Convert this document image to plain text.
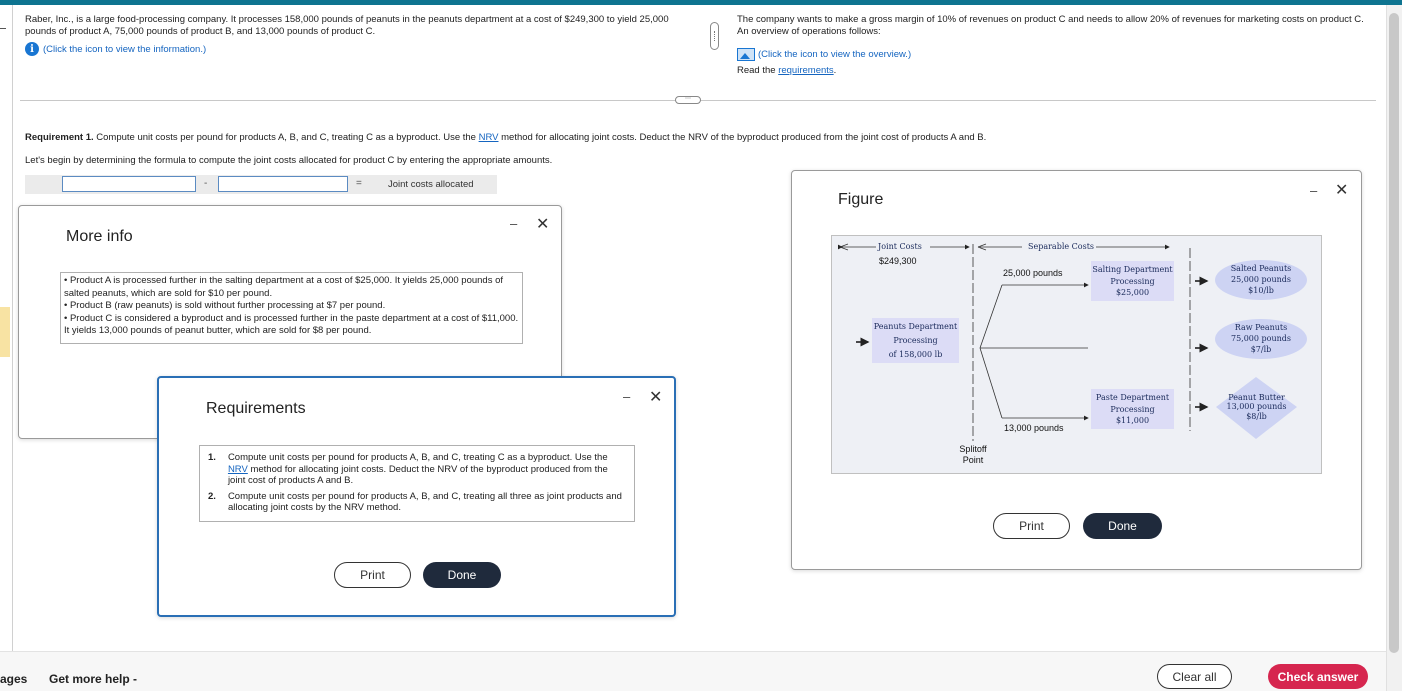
Raber, Inc., is a large food-processing company. It processes 158,000 pounds of peanuts in the peanuts department at a cost of $249,300 to yield 25,000 pounds of product A, 75,000 pounds of product B, and 13,000 pounds of product C.
i (Click the icon to view the information.)
The company wants to make a gross margin of 10% of revenues on product C and needs to allow 20% of revenues for marketing costs on product C. An overview of operations follows:
(Click the icon to view the overview.)
Read the requirements.
⋯
Requirement 1. Compute unit costs per pound for products A, B, and C, treating C as a byproduct. Use the NRV method for allocating joint costs. Deduct the NRV of the byproduct produced from the joint cost of products A and B.
Let's begin by determining the formula to compute the joint costs allocated for product C by entering the appropriate amounts.
-	=	Joint costs allocated
More info
– ✕
• Product A is processed further in the salting department at a cost of $25,000. It yields 25,000 pounds of salted peanuts, which are sold for $10 per pound.
• Product B (raw peanuts) is sold without further processing at $7 per pound.
• Product C is considered a byproduct and is processed further in the paste department at a cost of $11,000. It yields 13,000 pounds of peanut butter, which are sold for $8 per pound.
Requirements
– ✕
1. Compute unit costs per pound for products A, B, and C, treating C as a byproduct. Use the NRV method for allocating joint costs. Deduct the NRV of the byproduct produced from the joint cost of products A and B.
2. Compute unit costs per pound for products A, B, and C, treating all three as joint products and allocating joint costs by the NRV method.
Print	Done
Figure
– ✕
Joint Costs
$249,300
Separable Costs
Peanuts Department
Processing
of 158,000 lb
25,000 pounds
13,000 pounds
Salting Department
Processing
$25,000
Paste Department
Processing
$11,000
Salted Peanuts
25,000 pounds
$10/lb
Raw Peanuts
75,000 pounds
$7/lb
Peanut Butter
13,000 pounds
$8/lb
Splitoff
Point
Print	Done
ages Get more help -	Clear all	Check answer
